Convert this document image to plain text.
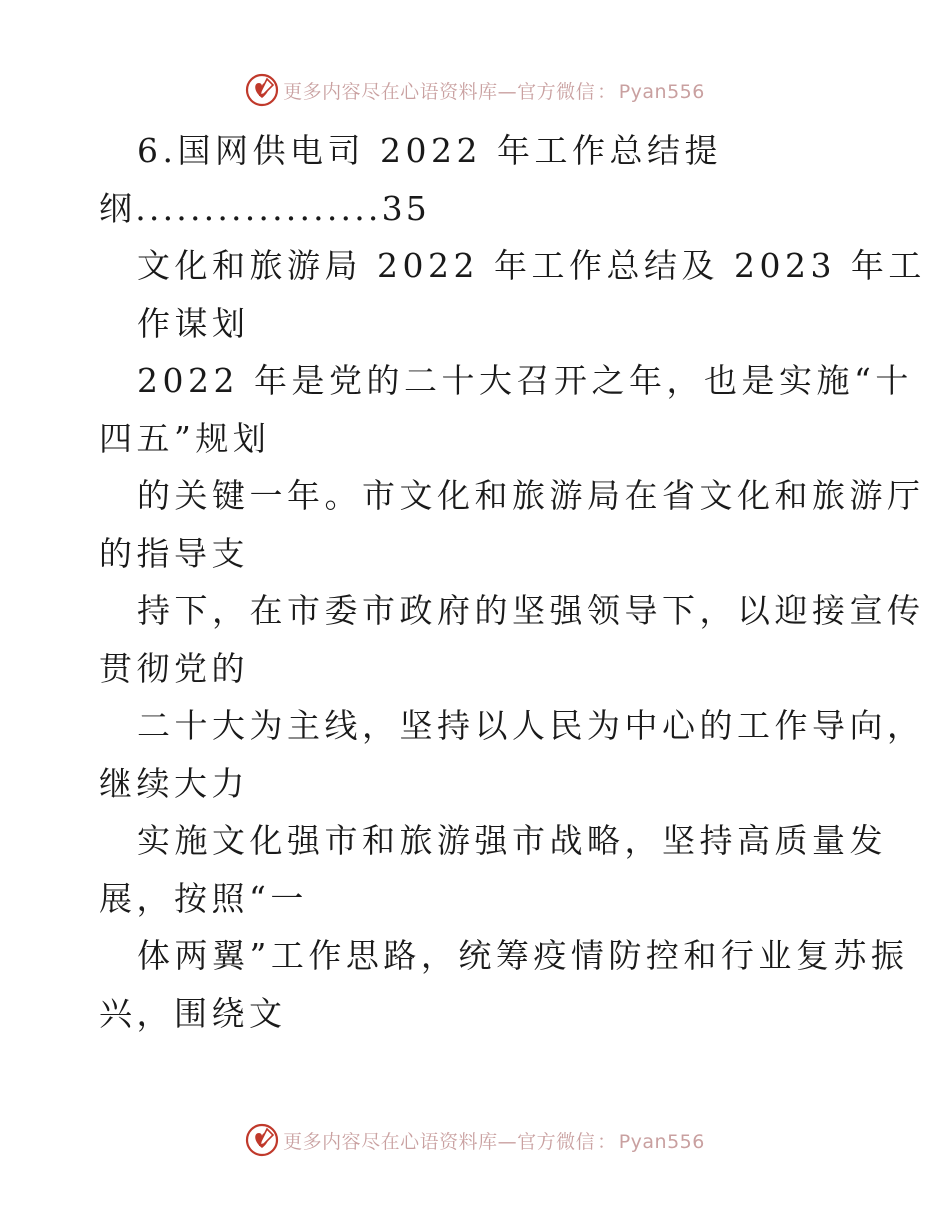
更多内容尽在心语资料库—官方微信 ： Pyan556
6.国网供电司 2022 年工作总结提
纲..................35
文化和旅游局 2022 年工作总结及 2023 年工
作谋划
2022 年是党的二十大召开之年，也是实施“十
四五”规划
的关键一年。市文化和旅游局在省文化和旅游厅
的指导支
持下，在市委市政府的坚强领导下，以迎接宣传
贯彻党的
二十大为主线，坚持以人民为中心的工作导向，
继续大力
实施文化强市和旅游强市战略，坚持高质量发
展，按照“一
体两翼”工作思路，统筹疫情防控和行业复苏振
兴，围绕文
更多内容尽在心语资料库—官方微信 ： Pyan556
